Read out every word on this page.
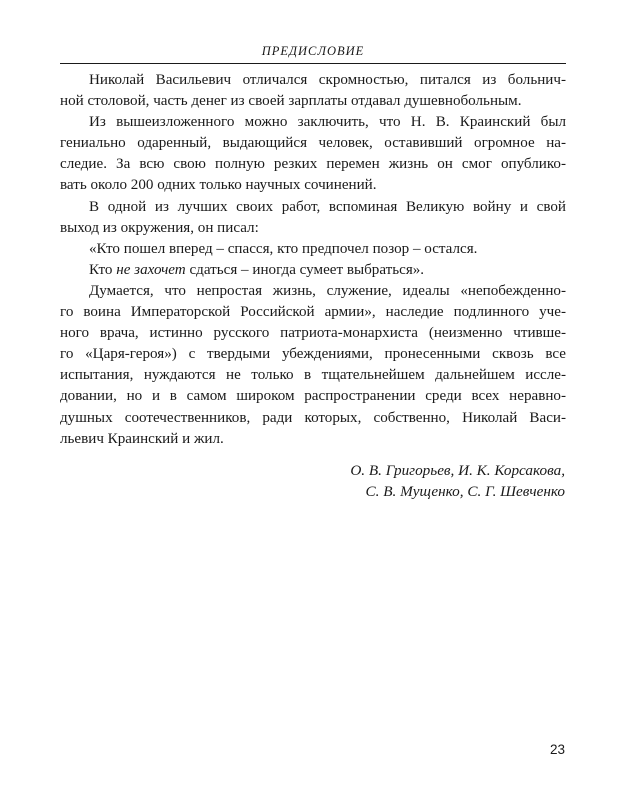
ПРЕДИСЛОВИЕ
Николай Васильевич отличался скромностью, питался из больнич-
ной столовой, часть денег из своей зарплаты отдавал душевнобольным.
Из вышеизложенного можно заключить, что Н. В. Краинский был
гениально одаренный, выдающийся человек, оставивший огромное на-
следие. За всю свою полную резких перемен жизнь он смог опублико-
вать около 200 одних только научных сочинений.
В одной из лучших своих работ, вспоминая Великую войну и свой
выход из окружения, он писал:
«Кто пошел вперед – спасся, кто предпочел позор – остался.
Кто не захочет сдаться – иногда сумеет выбраться».
Думается, что непростая жизнь, служение, идеалы «непобежденно-
го воина Императорской Российской армии», наследие подлинного уче-
ного врача, истинно русского патриота-монархиста (неизменно чтивше-
го «Царя-героя») с твердыми убеждениями, пронесенными сквозь все
испытания, нуждаются не только в тщательнейшем дальнейшем иссле-
довании, но и в самом широком распространении среди всех неравно-
душных соотечественников, ради которых, собственно, Николай Васи-
льевич Краинский и жил.
О. В. Григорьев, И. К. Корсакова,
С. В. Мущенко, С. Г. Шевченко
23
